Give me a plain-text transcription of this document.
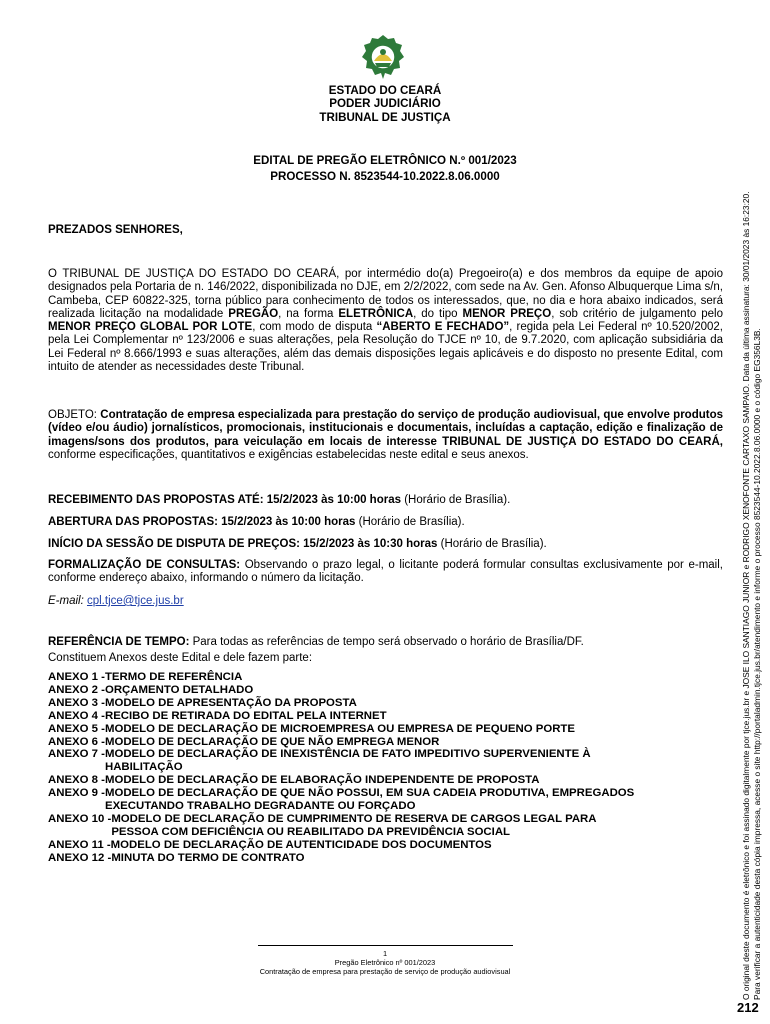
ESTADO DO CEARÁ
PODER JUDICIÁRIO
TRIBUNAL DE JUSTIÇA
EDITAL DE PREGÃO ELETRÔNICO N.º 001/2023
PROCESSO N. 8523544-10.2022.8.06.0000
PREZADOS SENHORES,
O TRIBUNAL DE JUSTIÇA DO ESTADO DO CEARÁ, por intermédio do(a) Pregoeiro(a) e dos membros da equipe de apoio designados pela Portaria de n. 146/2022, disponibilizada no DJE, em 2/2/2022, com sede na Av. Gen. Afonso Albuquerque Lima s/n, Cambeba, CEP 60822-325, torna público para conhecimento de todos os interessados, que, no dia e hora abaixo indicados, será realizada licitação na modalidade PREGÃO, na forma ELETRÔNICA, do tipo MENOR PREÇO, sob critério de julgamento pelo MENOR PREÇO GLOBAL POR LOTE, com modo de disputa “ABERTO E FECHADO”, regida pela Lei Federal nº 10.520/2002, pela Lei Complementar nº 123/2006 e suas alterações, pela Resolução do TJCE nº 10, de 9.7.2020, com aplicação subsidiária da Lei Federal nº 8.666/1993 e suas alterações, além das demais disposições legais aplicáveis e do disposto no presente Edital, com intuito de atender as necessidades deste Tribunal.
OBJETO: Contratação de empresa especializada para prestação do serviço de produção audiovisual, que envolve produtos (vídeo e/ou áudio) jornalísticos, promocionais, institucionais e documentais, incluídas a captação, edição e finalização de imagens/sons dos produtos, para veiculação em locais de interesse TRIBUNAL DE JUSTIÇA DO ESTADO DO CEARÁ, conforme especificações, quantitativos e exigências estabelecidas neste edital e seus anexos.
RECEBIMENTO DAS PROPOSTAS ATÉ: 15/2/2023 às 10:00 horas (Horário de Brasília).
ABERTURA DAS PROPOSTAS: 15/2/2023 às 10:00 horas (Horário de Brasília).
INÍCIO DA SESSÃO DE DISPUTA DE PREÇOS: 15/2/2023 às 10:30 horas (Horário de Brasília).
FORMALIZAÇÃO DE CONSULTAS: Observando o prazo legal, o licitante poderá formular consultas exclusivamente por e-mail, conforme endereço abaixo, informando o número da licitação.
E-mail: cpl.tjce@tjce.jus.br
REFERÊNCIA DE TEMPO: Para todas as referências de tempo será observado o horário de Brasília/DF.
Constituem Anexos deste Edital e dele fazem parte:
ANEXO 1 - TERMO DE REFERÊNCIA
ANEXO 2 - ORÇAMENTO DETALHADO
ANEXO 3 - MODELO DE APRESENTAÇÃO DA PROPOSTA
ANEXO 4 - RECIBO DE RETIRADA DO EDITAL PELA INTERNET
ANEXO 5 - MODELO DE DECLARAÇÃO DE MICROEMPRESA OU EMPRESA DE PEQUENO PORTE
ANEXO 6 - MODELO DE DECLARAÇÃO DE QUE NÃO EMPREGA MENOR
ANEXO 7 - MODELO DE DECLARAÇÃO DE INEXISTÊNCIA DE FATO IMPEDITIVO SUPERVENIENTE À
HABILITAÇÃO
ANEXO 8 - MODELO DE DECLARAÇÃO DE ELABORAÇÃO INDEPENDENTE DE PROPOSTA
ANEXO 9 - MODELO DE DECLARAÇÃO DE QUE NÃO POSSUI, EM SUA CADEIA PRODUTIVA, EMPREGADOS
EXECUTANDO TRABALHO DEGRADANTE OU FORÇADO
ANEXO 10 - MODELO DE DECLARAÇÃO DE CUMPRIMENTO DE RESERVA DE CARGOS LEGAL PARA
PESSOA COM DEFICIÊNCIA OU REABILITADO DA PREVIDÊNCIA SOCIAL
ANEXO 11 - MODELO DE DECLARAÇÃO DE AUTENTICIDADE DOS DOCUMENTOS
ANEXO 12 - MINUTA DO TERMO DE CONTRATO
1
Pregão Eletrônico nº 001/2023
Contratação de empresa para prestação de serviço de produção audiovisual	O original deste documento é eletrônico e foi assinado digitalmente por tjce.jus.br e JOSE ILO SANTIAGO JUNIOR e RODRIGO XENOFONTE CARTAXO SAMPAIO. Data da última assinatura: 30/01/2023 às 16:23:20. Para verificar a autenticidade desta cópia impressa, acesse o site http://portaladmin.tjce.jus.br/atendimento e informe o processo 8523544-10.2022.8.06.0000 e o código EG356L3B.
212
